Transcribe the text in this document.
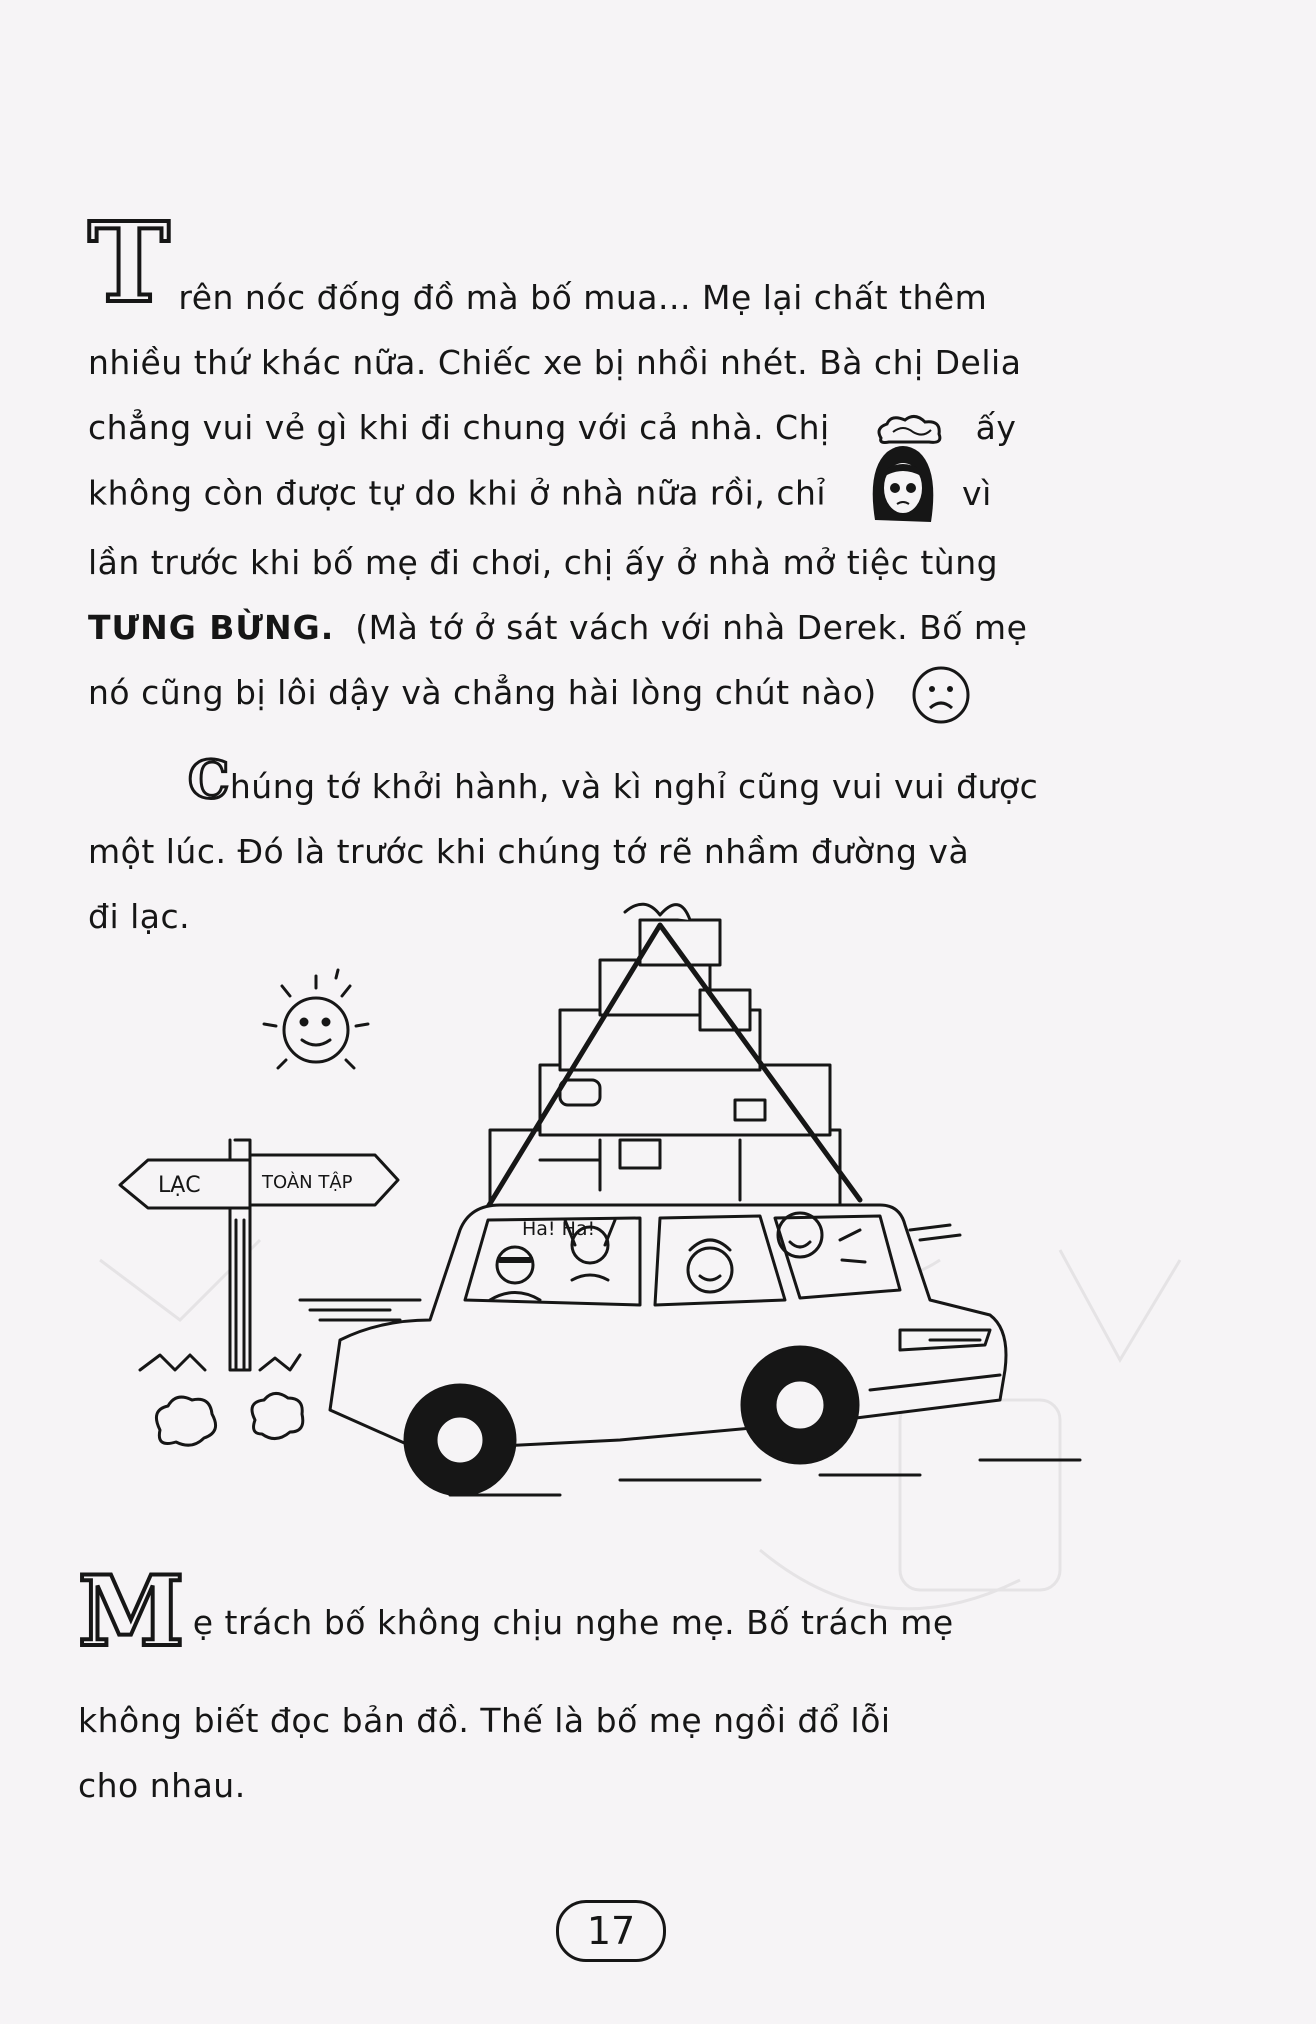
T rên nóc đống đồ mà bố mua... Mẹ lại chất thêm
nhiều thứ khác nữa. Chiếc xe bị nhồi nhét. Bà chị Delia
chẳng vui vẻ gì khi đi chung với cả nhà. Chị	ấy
không còn được tự do khi ở nhà nữa rồi, chỉ	vì
lần trước khi bố mẹ đi chơi, chị ấy ở nhà mở tiệc tùng
TƯNG BỪNG. (Mà tớ ở sát vách với nhà Derek. Bố mẹ
nó cũng bị lôi dậy và chẳng hài lòng chút nào)
Chúng tớ khởi hành, và kì nghỉ cũng vui vui được
một lúc. Đó là trước khi chúng tớ rẽ nhầm đường và
đi lạc.
LẠC	TOÀN TẬP
Ha! Ha!
M ẹ trách bố không chịu nghe mẹ. Bố trách mẹ
không biết đọc bản đồ. Thế là bố mẹ ngồi đổ lỗi
cho nhau.
17
